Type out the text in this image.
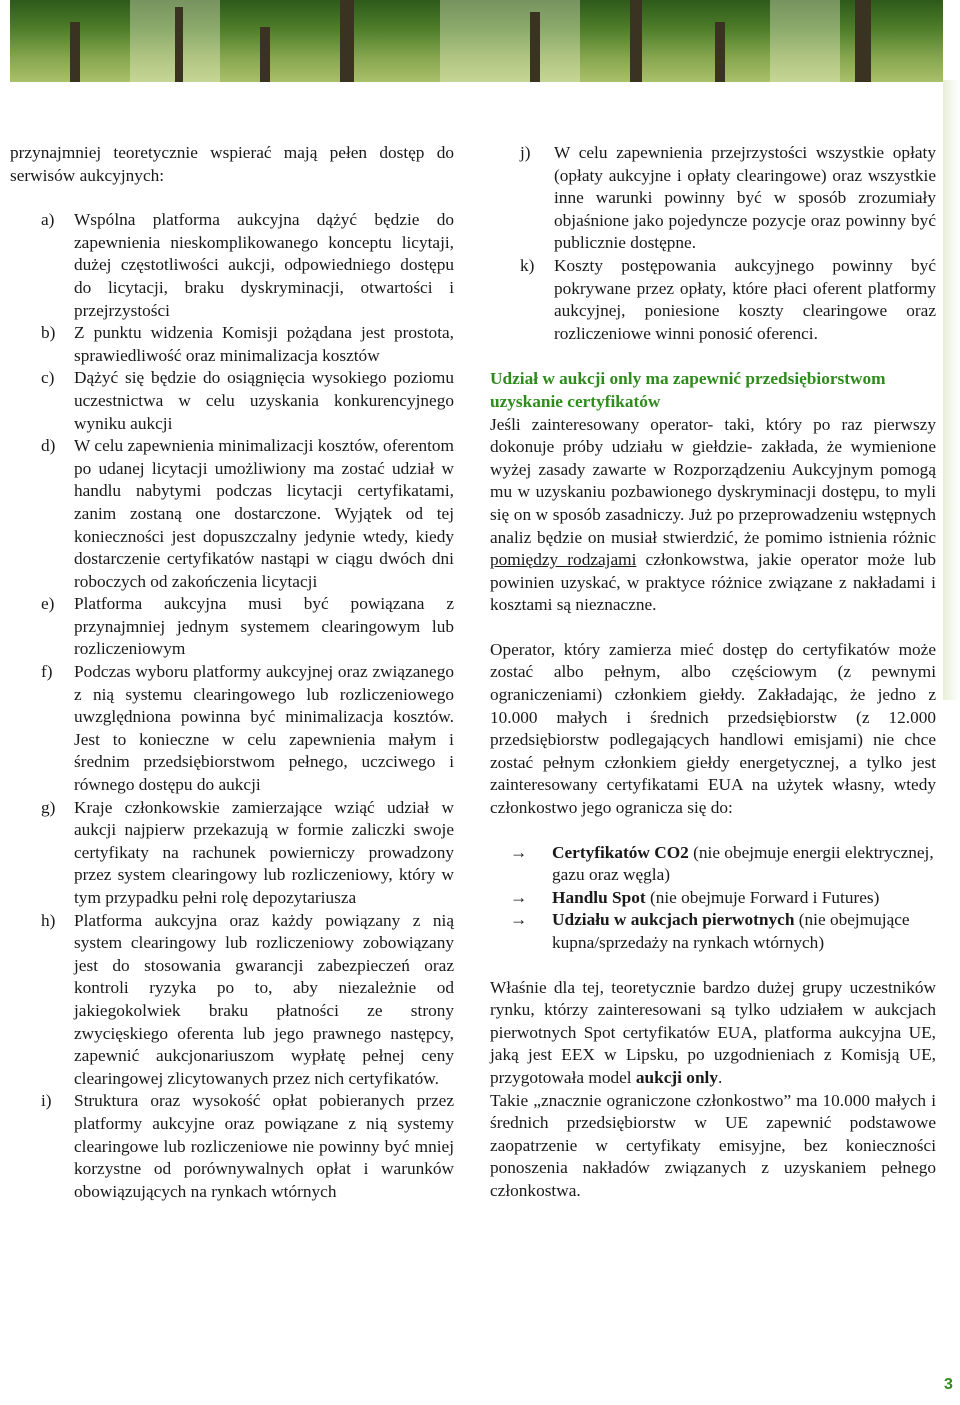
przynajmniej teoretycznie wspierać mają pełen dostęp do serwisów aukcyjnych:

a)	Wspólna platforma aukcyjna dążyć będzie do zapewnienia nieskomplikowanego konceptu licytaji, dużej częstotliwości aukcji, odpowiedniego dostępu do licytacji, braku dyskryminacji, otwartości i przejrzystości
b)	Z punktu widzenia Komisji pożądana jest prostota, sprawiedliwość oraz minimalizacja kosztów
c)	Dążyć się będzie do osiągnięcia wysokiego poziomu uczestnictwa w celu uzyskania konkurencyjnego wyniku aukcji
d)	W celu zapewnienia minimalizacji kosztów, oferentom po udanej licytacji umożliwiony ma zostać udział w handlu nabytymi podczas licytacji certyfikatami, zanim zostaną one dostarczone. Wyjątek od tej konieczności jest dopuszczalny jedynie wtedy, kiedy dostarczenie certyfikatów nastąpi w ciągu dwóch dni roboczych od zakończenia licytacji
e)	Platforma aukcyjna musi być powiązana z przynajmniej jednym systemem clearingowym lub rozliczeniowym
f)	Podczas wyboru platformy aukcyjnej oraz związanego z nią systemu clearingowego lub rozliczeniowego uwzględniona powinna być minimalizacja kosztów. Jest to konieczne w celu zapewnienia małym i średnim przedsiębiorstwom pełnego, uczciwego i równego dostępu do aukcji
g)	Kraje członkowskie zamierzające wziąć udział w aukcji najpierw przekazują w formie zaliczki swoje certyfikaty na rachunek powierniczy prowadzony przez system clearingowy lub rozliczeniowy, który w tym przypadku pełni rolę depozytariusza
h)	Platforma aukcyjna oraz każdy powiązany z nią system clearingowy lub rozliczeniowy zobowiązany jest do stosowania gwarancji zabezpieczeń oraz kontroli ryzyka po to, aby niezależnie od jakiegokolwiek braku płatności ze strony zwycięskiego oferenta lub jego prawnego następcy, zapewnić aukcjonariuszom wypłatę pełnej ceny clearingowej zlicytowanych przez nich certyfikatów.
i)	Struktura oraz wysokość opłat pobieranych przez platformy aukcyjne oraz powiązane z nią systemy clearingowe lub rozliczeniowe nie powinny być mniej korzystne od porównywalnych opłat i warunków obowiązujących na rynkach wtórnych
j)	W celu zapewnienia przejrzystości wszystkie opłaty (opłaty aukcyjne i opłaty clearingowe) oraz wszystkie inne warunki powinny być w sposób zrozumiały objaśnione jako pojedyncze pozycje oraz powinny być publicznie dostępne.
k)	Koszty postępowania aukcyjnego powinny być pokrywane przez opłaty, które płaci oferent platformy aukcyjnej, poniesione koszty clearingowe oraz rozliczeniowe winni ponosić oferenci.

Udział w aukcji only ma zapewnić przedsiębiorstwom uzyskanie certyfikatów

Jeśli zainteresowany operator- taki, który po raz pierwszy dokonuje próby udziału w giełdzie- zakłada, że wymienione wyżej zasady zawarte w Rozporządzeniu Aukcyjnym pomogą mu w uzyskaniu pozbawionego dyskryminacji dostępu, to myli się on w sposób zasadniczy. Już po przeprowadzeniu wstępnych analiz będzie on musiał stwierdzić, że pomimo istnienia różnic pomiędzy rodzajami członkowstwa, jakie operator może lub powinien uzyskać, w praktyce różnice związane z nakładami i kosztami są nieznaczne.

Operator, który zamierza mieć dostęp do certyfikatów może zostać albo pełnym, albo częściowym (z pewnymi ograniczeniami) członkiem giełdy. Zakładając, że jedno z 10.000 małych i średnich przedsiębiorstw (z 12.000 przedsiębiorstw podlegających handlowi emisjami) nie chce zostać pełnym członkiem giełdy energetycznej, a tylko jest zainteresowany certyfikatami EUA na użytek własny, wtedy członkostwo jego ogranicza się do:

→	Certyfikatów CO2 (nie obejmuje energii elektrycznej, gazu oraz węgla)
→	Handlu Spot (nie obejmuje Forward i Futures)
→	Udziału w aukcjach pierwotnych (nie obejmujące kupna/sprzedaży na rynkach wtórnych)

Właśnie dla tej, teoretycznie bardzo dużej grupy uczestników rynku, którzy zainteresowani są tylko udziałem w aukcjach pierwotnych Spot certyfikatów EUA, platforma aukcyjna UE, jaką jest EEX w Lipsku, po uzgodnieniach z Komisją UE, przygotowała model aukcji only.

Takie „znacznie ograniczone członkostwo” ma 10.000 małych i średnich przedsiębiorstw w UE zapewnić podstawowe zaopatrzenie w certyfikaty emisyjne, bez konieczności ponoszenia nakładów związanych z uzyskaniem pełnego członkostwa.

3
